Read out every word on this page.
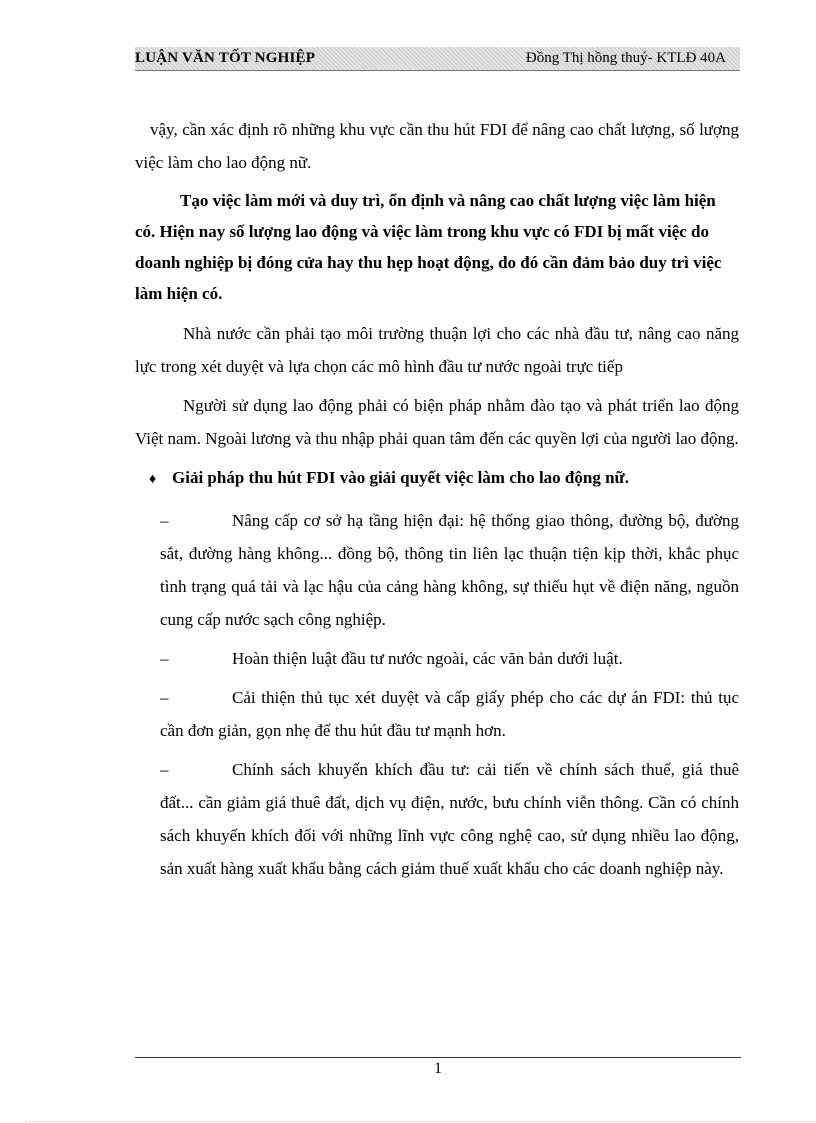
LUẬN VĂN TỐT NGHIỆP	Đồng Thị hồng thuý- KTLĐ 40A

vậy, cần xác định rõ những khu vực cần thu hút FDI để nâng cao chất lượng, số lượng việc làm cho lao động nữ.

Tạo việc làm mới và duy trì, ổn định và nâng cao chất lượng việc làm hiện có. Hiện nay số lượng lao động và việc làm trong khu vực có FDI bị mất việc do doanh nghiệp bị đóng cửa hay thu hẹp hoạt động, do đó cần đảm bảo duy trì việc làm hiện có.

Nhà nước cần phải tạo môi trường thuận lợi cho các nhà đầu tư, nâng cao năng lực trong xét duyệt và lựa chọn các mô hình đầu tư nước ngoài trực tiếp

Người sử dụng lao động phải có biện pháp nhằm đào tạo và phát triển lao động Việt nam. Ngoài lương và thu nhập phải quan tâm đến các quyền lợi của người lao động.

♦ Giải pháp thu hút FDI vào giải quyết việc làm cho lao động nữ.

–	Nâng cấp cơ sở hạ tầng hiện đại: hệ thống giao thông, đường bộ, đường sắt, đường hàng không... đồng bộ, thông tin liên lạc thuận tiện kịp thời, khắc phục tình trạng quá tải và lạc hậu của cảng hàng không, sự thiếu hụt về điện năng, nguồn cung cấp nước sạch công nghiệp.

–	Hoàn thiện luật đầu tư nước ngoài, các văn bản dưới luật.

–	Cải thiện thủ tục xét duyệt và cấp giấy phép cho các dự án FDI: thủ tục cần đơn giản, gọn nhẹ để thu hút đầu tư mạnh hơn.

–	Chính sách khuyến khích đầu tư: cải tiến về chính sách thuế, giá thuê đất... cần giảm giá thuê đất, dịch vụ điện, nước, bưu chính viễn thông. Cần có chính sách khuyến khích đối với những lĩnh vực công nghệ cao, sử dụng nhiều lao động, sản xuất hàng xuất khẩu bằng cách giảm thuế xuất khẩu cho các doanh nghiệp này.

1
